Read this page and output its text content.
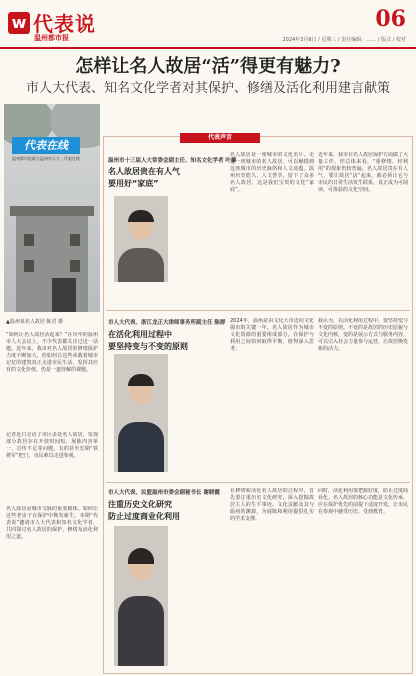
w 代表说
温州都市报
06
2024年3月6日 / 星期三 / 责任编辑：…… / 版式 / 校对
怎样让名人故居“活”得更有魅力?
市人大代表、知名文化学者对其保护、修缮及活化利用建言献策
代表在线
温州都市报联合温州市人大 · 代表在线
▲温州某名人故居 陈君 摄
“如何让名人故居活起来？”在历年的温州市人大会议上，不少代表都关注过这一话题。近年来，我市对名人故居的修缮保护力度不断加大，但如何让这些承载着城市记忆的建筑真正走进市民生活，发挥其应有的文化价值，仍是一道待解的课题。
记者近日走访了市区多处名人故居，发现部分故居存在开放时间短、展陈内容单一、宣传不足等问题，有的甚至长期“铁将军”把门，市民难以走进参观。
名人故居是城市文脉的重要载体。如何让这些老房子在保护中焕发新生，本期“代表说”邀请市人大代表和知名文化学者，共同探讨名人故居的保护、修缮及活化利用之道。
代表声音
温州市十三届人大常委会副主任、知名文化学者 叶蓁
名人故居贵在有人气
要用好“家底”
名人故居是一座城市的文化名片。走进一座城市的名人故居，可以触摸到这座城市的历史脉络和人文底蕴。温州历史悠久，人文荟萃，留下了众多名人故居，这是我们宝贵的文化“家底”。
近年来，我市在名人故居保护方面做了大量工作，但总体来看，“重修缮、轻利用”的现象仍较普遍。名人故居贵在有人气，要让故居“活”起来，就必须让它与市民的日常生活发生联系，真正成为可阅读、可体验的文化空间。
市人大代表、浙江龙正大律师事务所副主任 陈群
在活化利用过程中
要坚持变与不变的原则
2024年，温州是由文化大市迈向文化强市的关键一年。名人故居作为城市文化资源的重要组成部分，在保护与利用之间如何取得平衡，值得深入思考。
我认为，在活化利用过程中，要坚持变与不变的原则。不变的是故居的历史原貌与文化内核，变的是展示方式与服务内容，可以引入社会力量参与运营，让故居焕发新的活力。
市人大代表、民盟温州市委会副秘书长 谢晓霞
注重历史文化研究
防止过度商业化利用
在修缮和活化名人故居的过程中，首先要注重历史文化研究，深入挖掘故居主人的生平事迹、文化贡献及其与温州的渊源，为展陈和利用提供扎实的学术支撑。
同时，活化利用要把握好度，防止过度商业化。名人故居的核心功能是文化传承，应在保护优先的前提下适度开发，让市民在参观中感受历史、受到教育。
